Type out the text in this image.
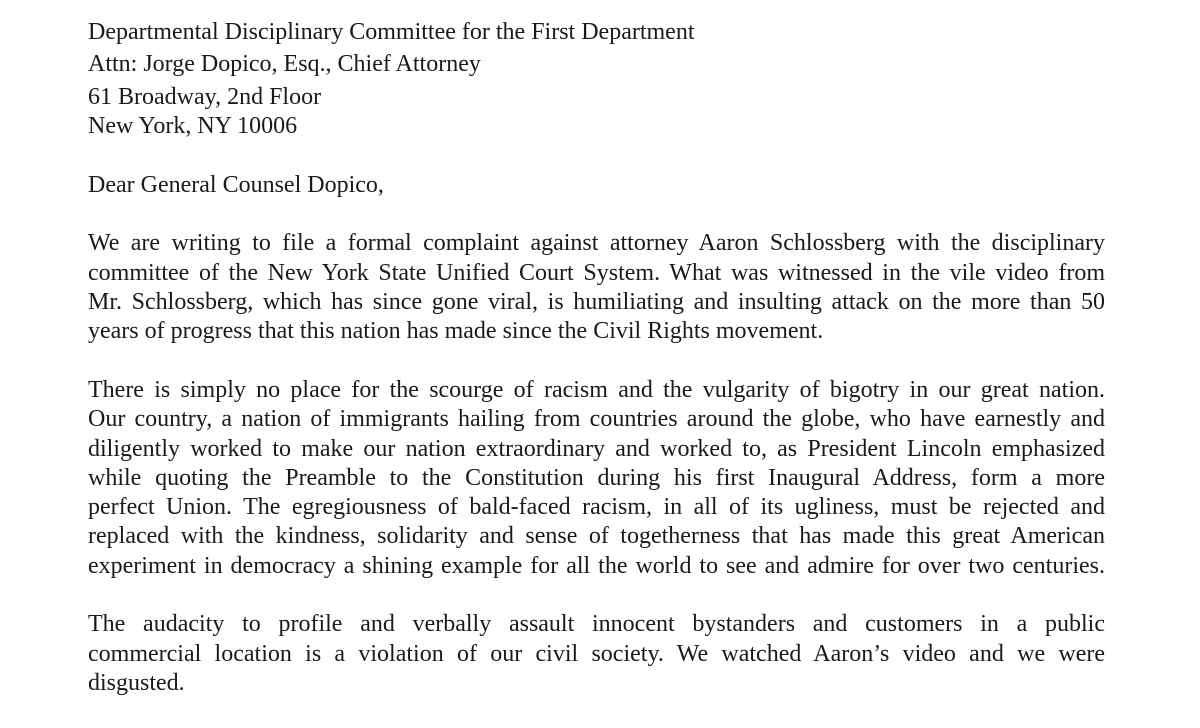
Departmental Disciplinary Committee for the First Department
Attn: Jorge Dopico, Esq., Chief Attorney
61 Broadway, 2nd Floor
New York, NY 10006
Dear General Counsel Dopico,
We are writing to file a formal complaint against attorney Aaron Schlossberg with the disciplinary
committee of the New York State Unified Court System. What was witnessed in the vile video from
Mr. Schlossberg, which has since gone viral, is humiliating and insulting attack on the more than 50
years of progress that this nation has made since the Civil Rights movement.
There is simply no place for the scourge of racism and the vulgarity of bigotry in our great nation.
Our country, a nation of immigrants hailing from countries around the globe, who have earnestly and
diligently worked to make our nation extraordinary and worked to, as President Lincoln emphasized
while quoting the Preamble to the Constitution during his first Inaugural Address, form a more
perfect Union. The egregiousness of bald-faced racism, in all of its ugliness, must be rejected and
replaced with the kindness, solidarity and sense of togetherness that has made this great American
experiment in democracy a shining example for all the world to see and admire for over two centuries.
The audacity to profile and verbally assault innocent bystanders and customers in a public
commercial location is a violation of our civil society. We watched Aaron’s video and we were
disgusted.
